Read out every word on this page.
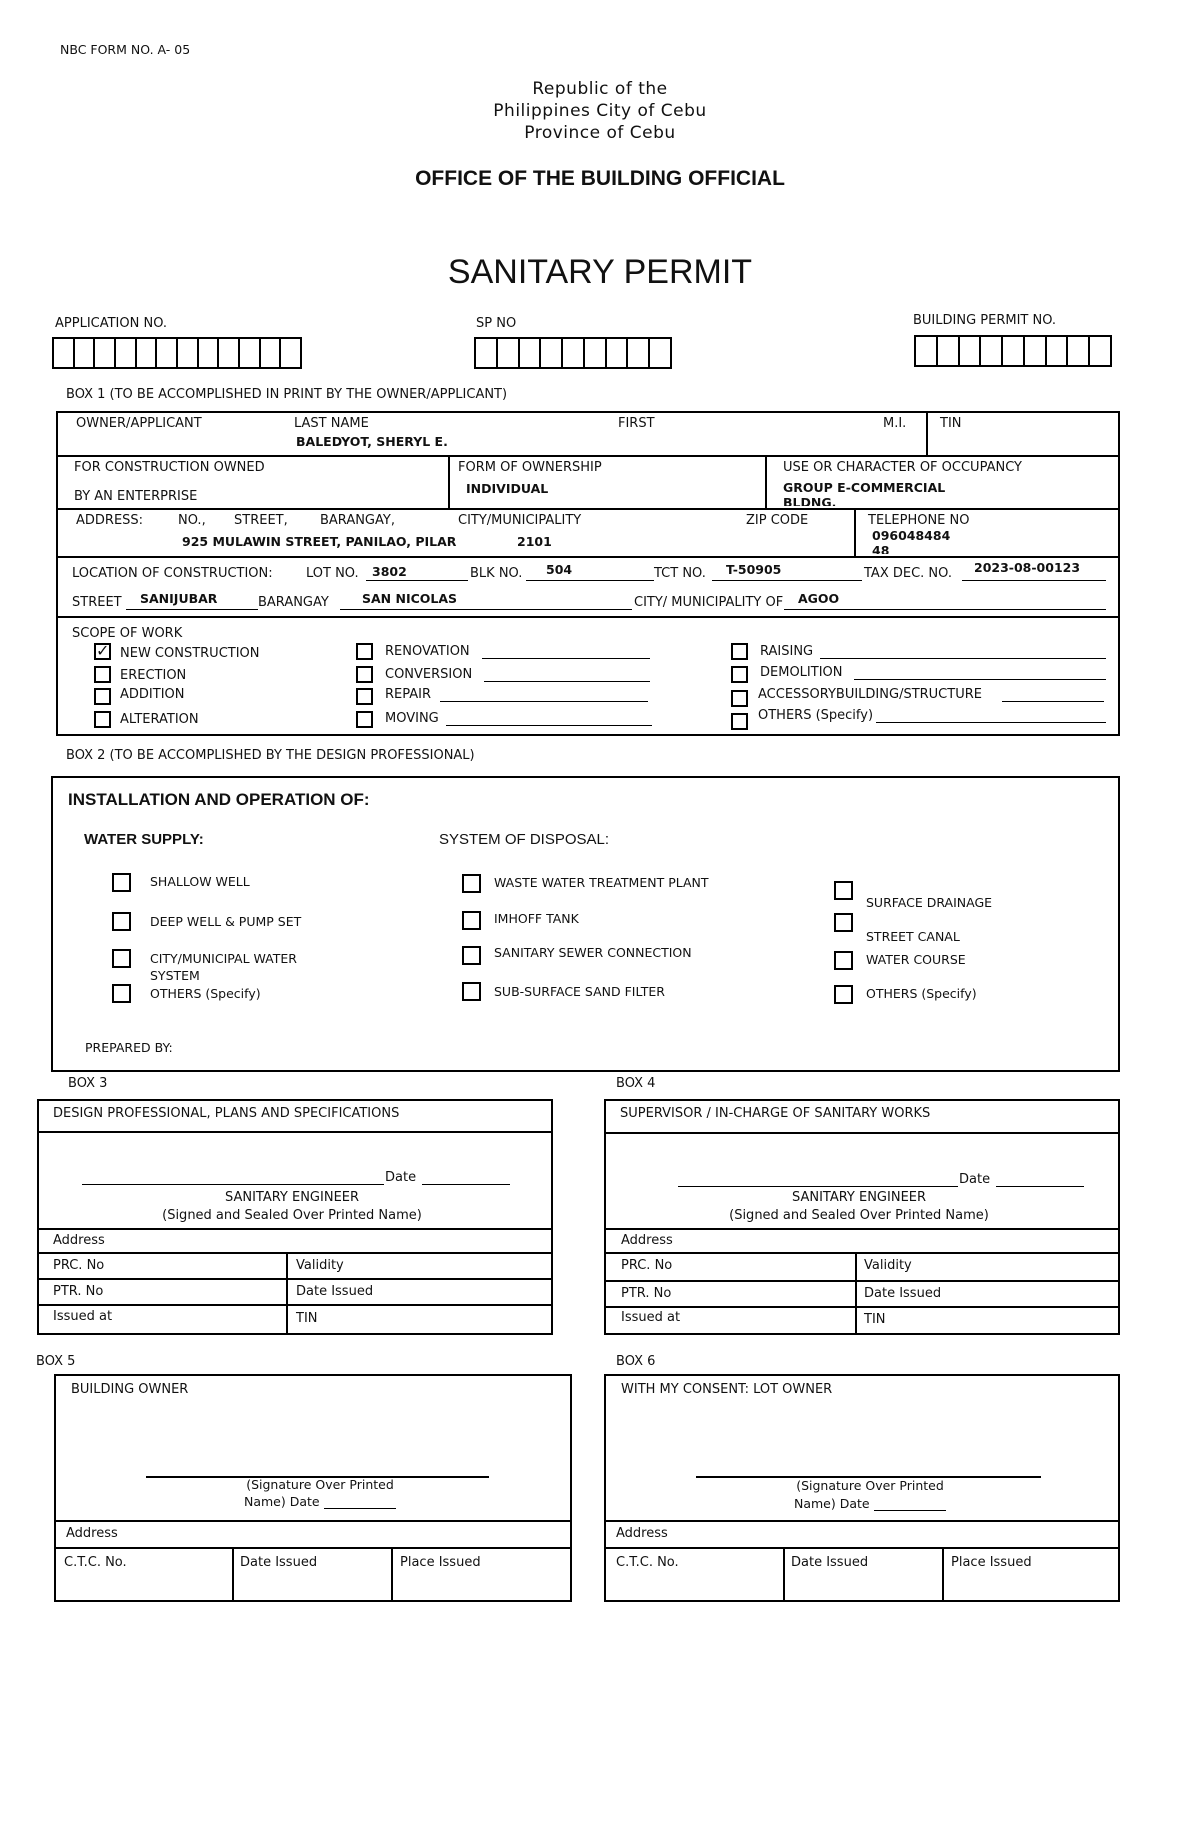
NBC FORM NO. A- 05
Republic of the
Philippines City of Cebu
Province of Cebu
OFFICE OF THE BUILDING OFFICIAL
SANITARY PERMIT
APPLICATION NO.	SP NO	BUILDING PERMIT NO.
BOX 1 (TO BE ACCOMPLISHED IN PRINT BY THE OWNER/APPLICANT)
OWNER/APPLICANT	LAST NAME	FIRST	M.I.	TIN
BALEDYOT, SHERYL E.
FOR CONSTRUCTION OWNED
BY AN ENTERPRISE
FORM OF OWNERSHIP
INDIVIDUAL
USE OR CHARACTER OF OCCUPANCY
GROUP E-COMMERCIAL BLDNG.
ADDRESS:	NO., STREET, BARANGAY,	CITY/MUNICIPALITY	ZIP CODE	TELEPHONE NO
925 MULAWIN STREET, PANILAO, PILAR	2101	09604848448
LOCATION OF CONSTRUCTION:	LOT NO. 3802	BLK NO. 504	TCT NO. T-50905	TAX DEC. NO. 2023-08-00123
STREET SANIJUBAR	BARANGAY	SAN NICOLAS	CITY/ MUNICIPALITY OF AGOO
SCOPE OF WORK
✓
NEW CONSTRUCTION
ERECTION
ADDITION
ALTERATION
RENOVATION
CONVERSION
REPAIR
MOVING
RAISING
DEMOLITION
ACCESSORYBUILDING/STRUCTURE
OTHERS (Specify)
BOX 2 (TO BE ACCOMPLISHED BY THE DESIGN PROFESSIONAL)
INSTALLATION AND OPERATION OF:
WATER SUPPLY:	SYSTEM OF DISPOSAL:
SHALLOW WELL
DEEP WELL & PUMP SET
CITY/MUNICIPAL WATER SYSTEM
OTHERS (Specify)
WASTE WATER TREATMENT PLANT
IMHOFF TANK
SANITARY SEWER CONNECTION
SUB-SURFACE SAND FILTER
SURFACE DRAINAGE
STREET CANAL
WATER COURSE
OTHERS (Specify)
PREPARED BY:
BOX 3
DESIGN PROFESSIONAL, PLANS AND SPECIFICATIONS
Date
SANITARY ENGINEER
(Signed and Sealed Over Printed Name)
Address
PRC. No	Validity
PTR. No	Date Issued
Issued at	TIN
BOX 4
SUPERVISOR / IN-CHARGE OF SANITARY WORKS
Date
SANITARY ENGINEER
(Signed and Sealed Over Printed Name)
Address
PRC. No	Validity
PTR. No	Date Issued
Issued at	TIN
BOX 5
BUILDING OWNER
(Signature Over Printed
Name) Date
Address
C.T.C. No.	Date Issued	Place Issued
BOX 6
WITH MY CONSENT: LOT OWNER
(Signature Over Printed
Name) Date
Address
C.T.C. No.	Date Issued	Place Issued
